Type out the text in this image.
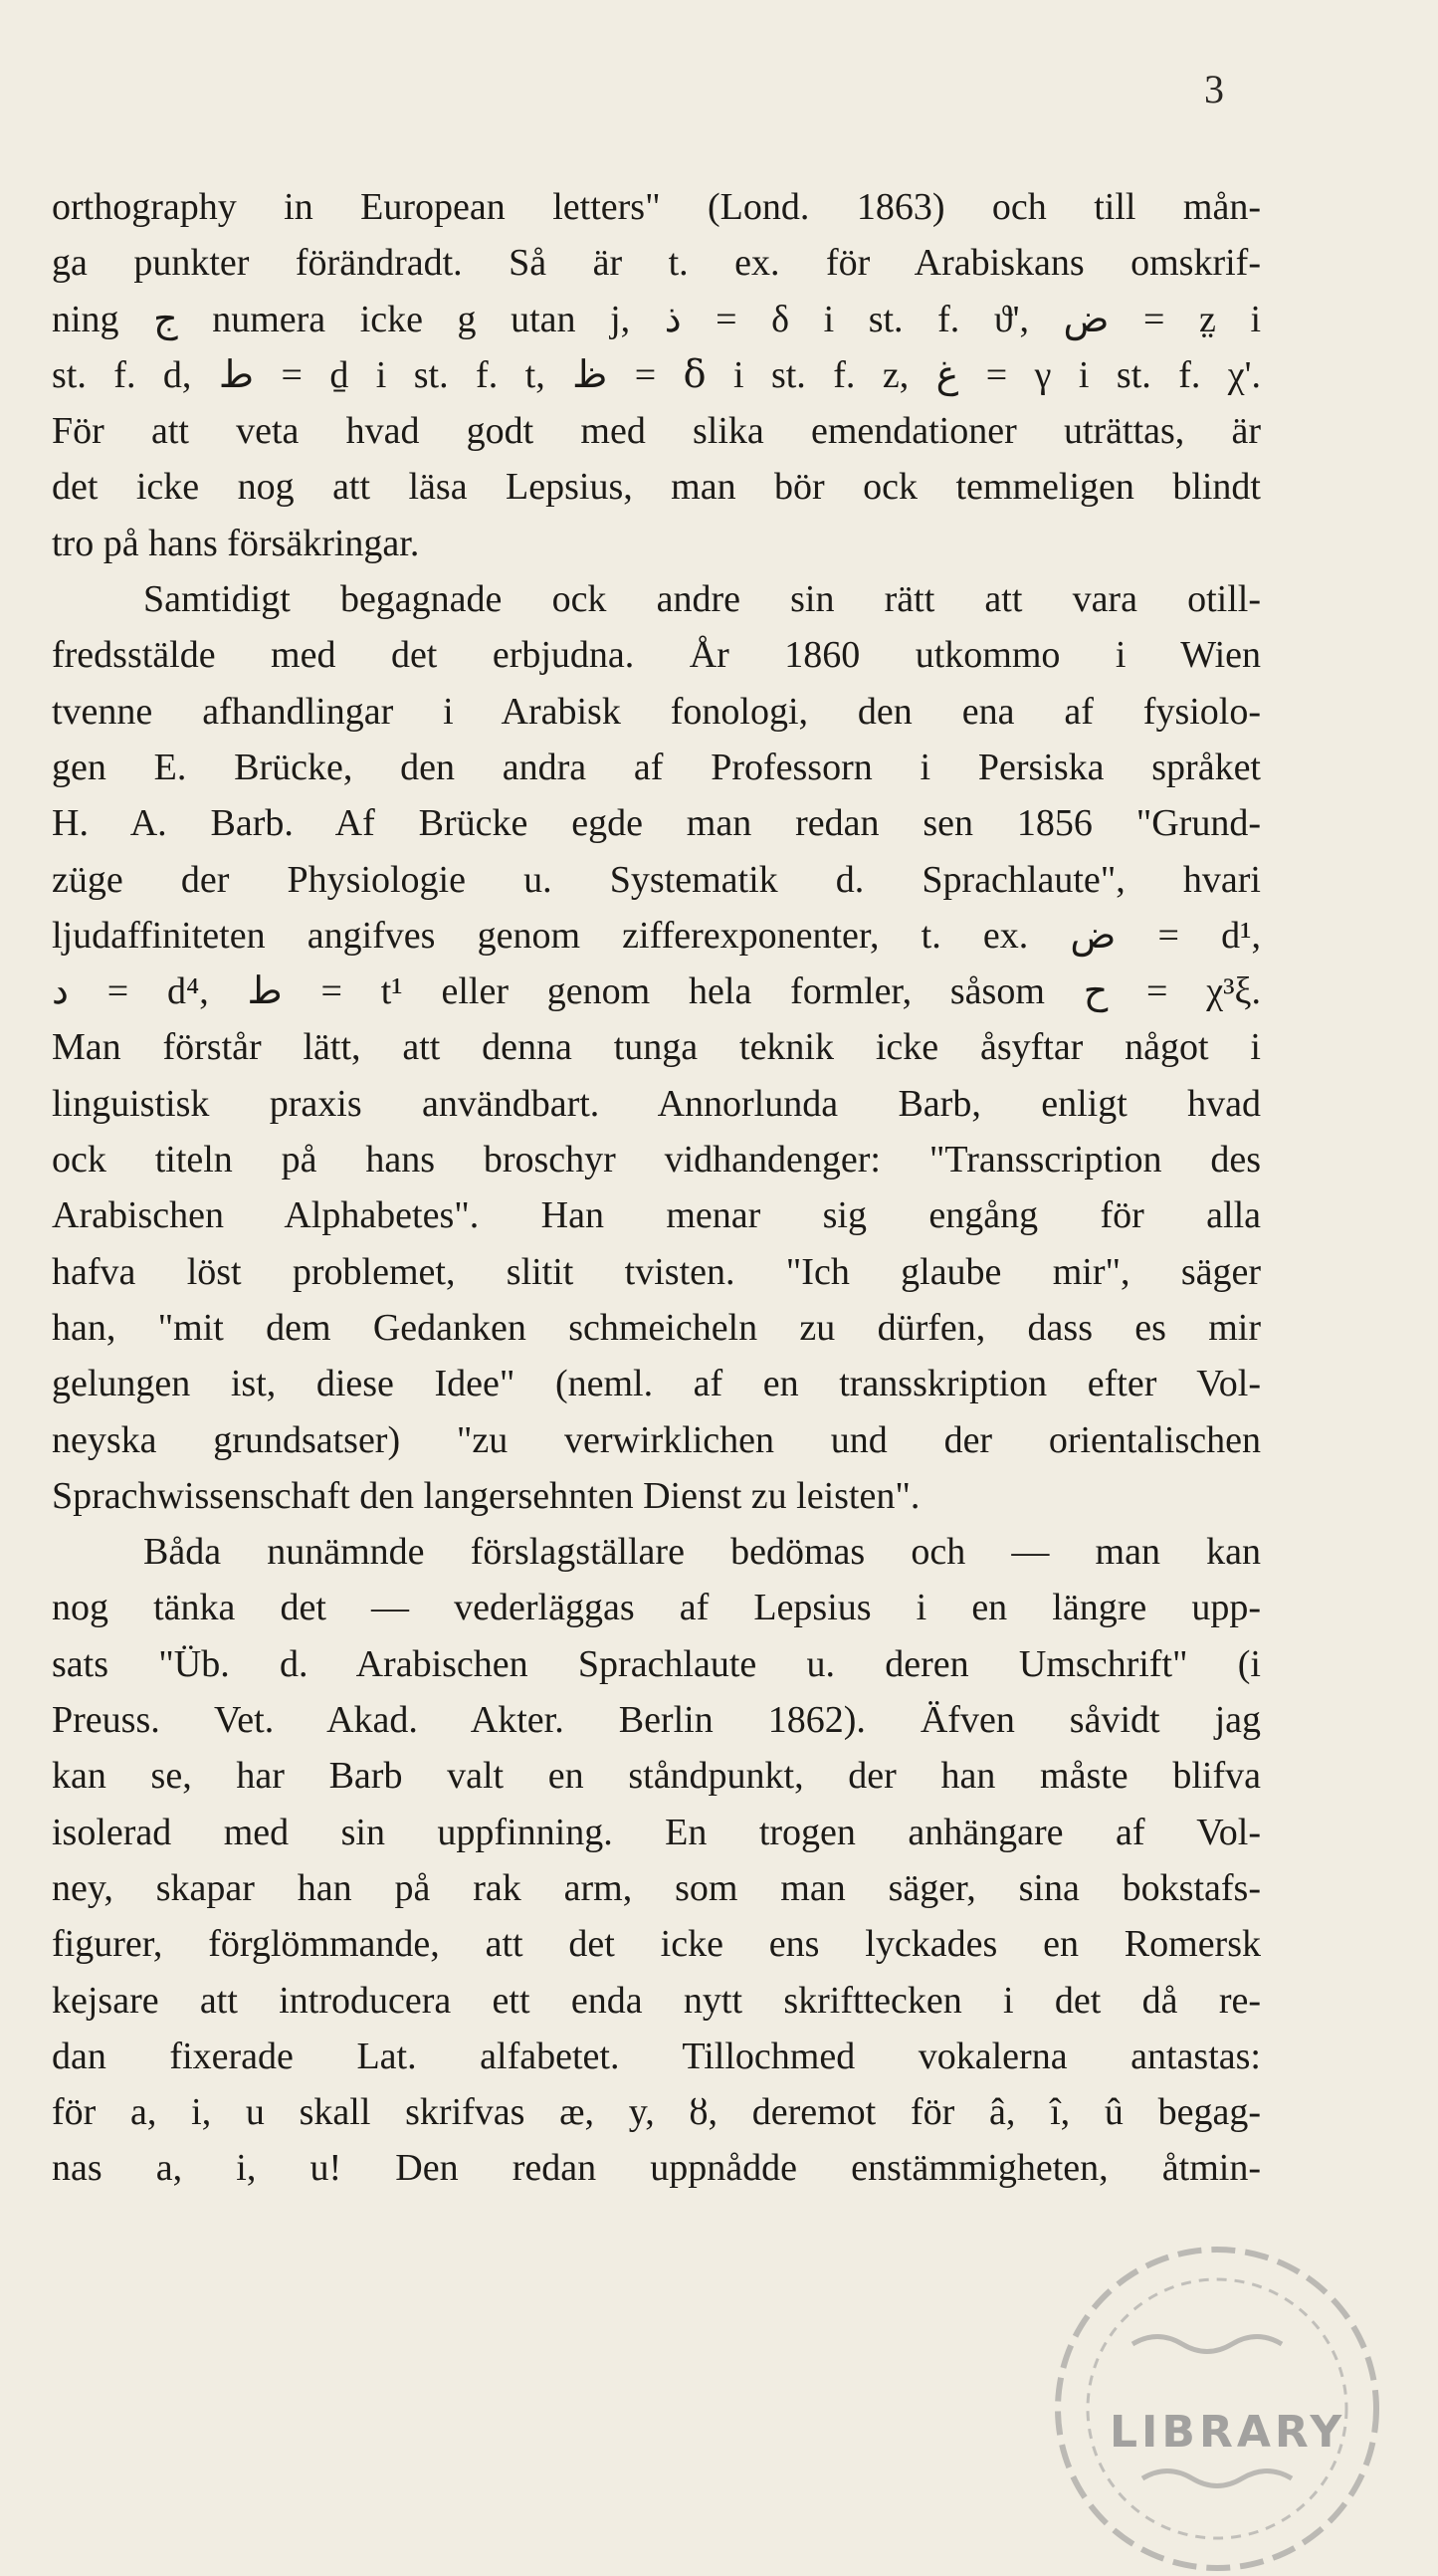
3
orthography in European letters" (Lond. 1863) och till mån-
ga punkter förändradt. Så är t. ex. för Arabiskans omskrif-
ning ج numera icke g utan j, ذ = δ i st. f. ϑ', ض = z̤ i
st. f. d, ط = ḏ i st. f. t, ظ = ẟ i st. f. z, غ = γ i st. f. χ'.
För att veta hvad godt med slika emendationer uträttas, är
det icke nog att läsa Lepsius, man bör ock temmeligen blindt
tro på hans försäkringar.
Samtidigt begagnade ock andre sin rätt att vara otill-
fredsstälde med det erbjudna. År 1860 utkommo i Wien
tvenne afhandlingar i Arabisk fonologi, den ena af fysiolo-
gen E. Brücke, den andra af Professorn i Persiska språket
H. A. Barb. Af Brücke egde man redan sen 1856 "Grund-
züge der Physiologie u. Systematik d. Sprachlaute", hvari
ljudaffiniteten angifves genom zifferexponenter, t. ex. ض = d¹,
د = d⁴, ط = t¹ eller genom hela formler, såsom ح = χ³ξ.
Man förstår lätt, att denna tunga teknik icke åsyftar något i
linguistisk praxis användbart. Annorlunda Barb, enligt hvad
ock titeln på hans broschyr vidhandenger: "Transscription des
Arabischen Alphabetes". Han menar sig engång för alla
hafva löst problemet, slitit tvisten. "Ich glaube mir", säger
han, "mit dem Gedanken schmeicheln zu dürfen, dass es mir
gelungen ist, diese Idee" (neml. af en transskription efter Vol-
neyska grundsatser) "zu verwirklichen und der orientalischen
Sprachwissenschaft den langersehnten Dienst zu leisten".
Båda nunämnde förslagställare bedömas och — man kan
nog tänka det — vederläggas af Lepsius i en längre upp-
sats "Üb. d. Arabischen Sprachlaute u. deren Umschrift" (i
Preuss. Vet. Akad. Akter. Berlin 1862). Äfven såvidt jag
kan se, har Barb valt en ståndpunkt, der han måste blifva
isolerad med sin uppfinning. En trogen anhängare af Vol-
ney, skapar han på rak arm, som man säger, sina bokstafs-
figurer, förglömmande, att det icke ens lyckades en Romersk
kejsare att introducera ett enda nytt skrifttecken i det då re-
dan fixerade Lat. alfabetet. Tillochmed vokalerna antastas:
för a, i, u skall skrifvas æ, y, ȣ, deremot för â, î, û begag-
nas a, i, u! Den redan uppnådde enstämmigheten, åtmin-
LIBRARY
